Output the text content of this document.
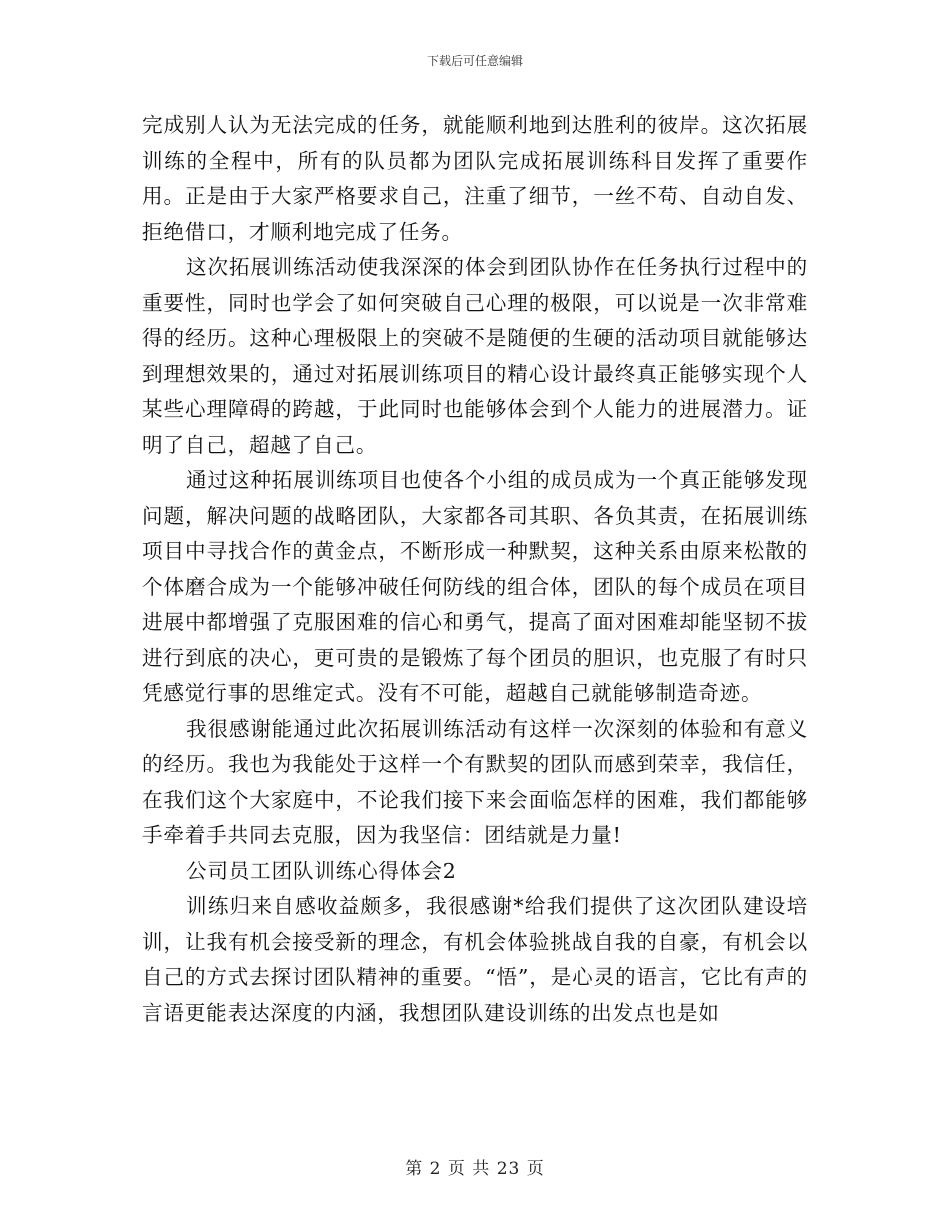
下载后可任意编辑

完成别人认为无法完成的任务，就能顺利地到达胜利的彼岸。这次拓展训练的全程中，所有的队员都为团队完成拓展训练科目发挥了重要作用。正是由于大家严格要求自己，注重了细节，一丝不苟、自动自发、拒绝借口，才顺利地完成了任务。

这次拓展训练活动使我深深的体会到团队协作在任务执行过程中的重要性，同时也学会了如何突破自己心理的极限，可以说是一次非常难得的经历。这种心理极限上的突破不是随便的生硬的活动项目就能够达到理想效果的，通过对拓展训练项目的精心设计最终真正能够实现个人某些心理障碍的跨越，于此同时也能够体会到个人能力的进展潜力。证明了自己，超越了自己。

通过这种拓展训练项目也使各个小组的成员成为一个真正能够发现问题，解决问题的战略团队，大家都各司其职、各负其责，在拓展训练项目中寻找合作的黄金点，不断形成一种默契，这种关系由原来松散的个体磨合成为一个能够冲破任何防线的组合体，团队的每个成员在项目进展中都增强了克服困难的信心和勇气，提高了面对困难却能坚韧不拔进行到底的决心，更可贵的是锻炼了每个团员的胆识，也克服了有时只凭感觉行事的思维定式。没有不可能，超越自己就能够制造奇迹。

我很感谢能通过此次拓展训练活动有这样一次深刻的体验和有意义的经历。我也为我能处于这样一个有默契的团队而感到荣幸，我信任，在我们这个大家庭中，不论我们接下来会面临怎样的困难，我们都能够手牵着手共同去克服，因为我坚信：团结就是力量!

公司员工团队训练心得体会2

训练归来自感收益颇多，我很感谢*给我们提供了这次团队建设培训，让我有机会接受新的理念，有机会体验挑战自我的自豪，有机会以自己的方式去探讨团队精神的重要。“悟”，是心灵的语言，它比有声的言语更能表达深度的内涵，我想团队建设训练的出发点也是如

第 2 页 共 23 页
